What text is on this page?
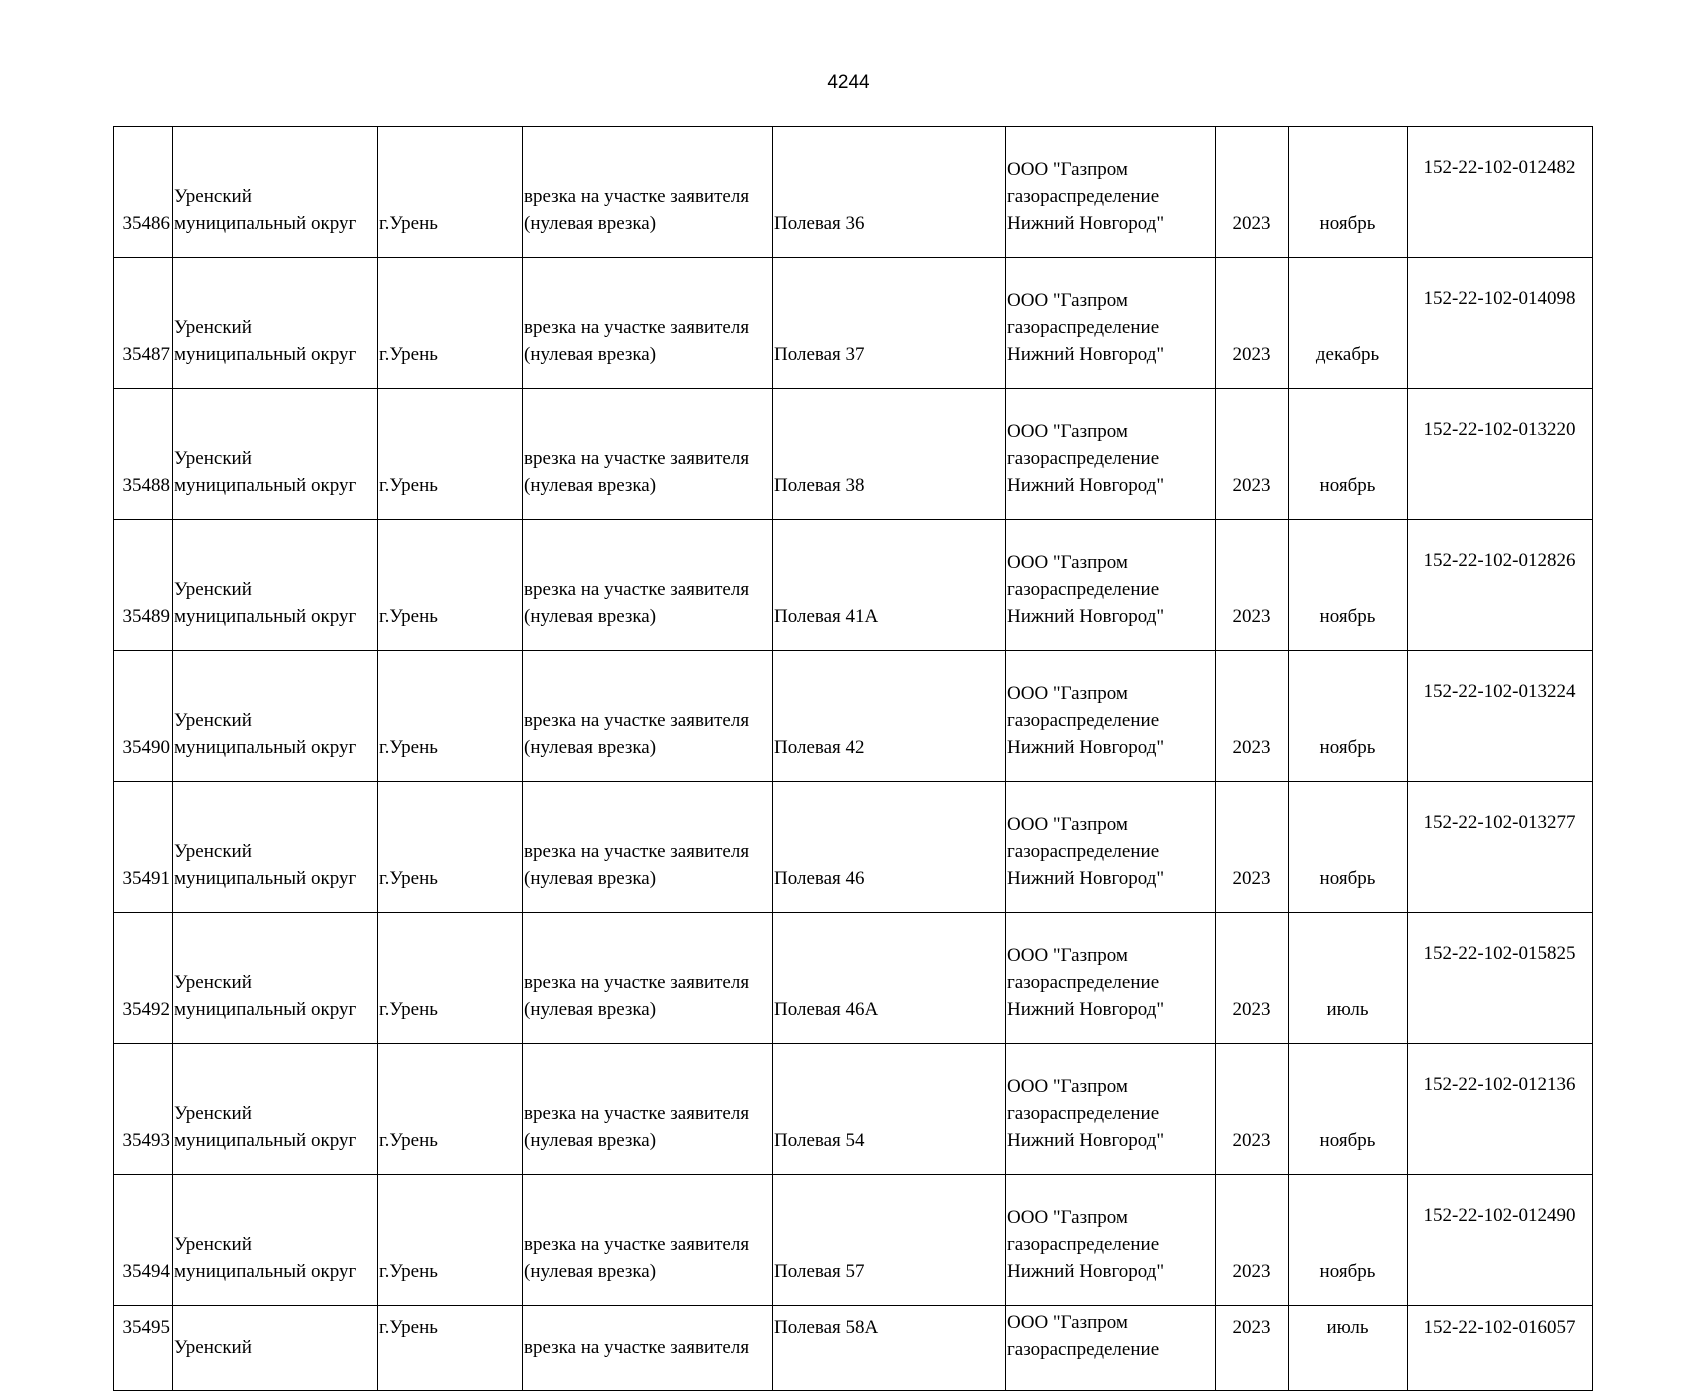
4244
35486	Уренский
муниципальный округ	г.Урень	врезка на участке заявителя
(нулевая врезка)	Полевая 36	ООО "Газпром
газораспределение
Нижний Новгород"	2023	ноябрь	152-22-102-012482
35487	Уренский
муниципальный округ	г.Урень	врезка на участке заявителя
(нулевая врезка)	Полевая 37	ООО "Газпром
газораспределение
Нижний Новгород"	2023	декабрь	152-22-102-014098
35488	Уренский
муниципальный округ	г.Урень	врезка на участке заявителя
(нулевая врезка)	Полевая 38	ООО "Газпром
газораспределение
Нижний Новгород"	2023	ноябрь	152-22-102-013220
35489	Уренский
муниципальный округ	г.Урень	врезка на участке заявителя
(нулевая врезка)	Полевая 41А	ООО "Газпром
газораспределение
Нижний Новгород"	2023	ноябрь	152-22-102-012826
35490	Уренский
муниципальный округ	г.Урень	врезка на участке заявителя
(нулевая врезка)	Полевая 42	ООО "Газпром
газораспределение
Нижний Новгород"	2023	ноябрь	152-22-102-013224
35491	Уренский
муниципальный округ	г.Урень	врезка на участке заявителя
(нулевая врезка)	Полевая 46	ООО "Газпром
газораспределение
Нижний Новгород"	2023	ноябрь	152-22-102-013277
35492	Уренский
муниципальный округ	г.Урень	врезка на участке заявителя
(нулевая врезка)	Полевая 46А	ООО "Газпром
газораспределение
Нижний Новгород"	2023	июль	152-22-102-015825
35493	Уренский
муниципальный округ	г.Урень	врезка на участке заявителя
(нулевая врезка)	Полевая 54	ООО "Газпром
газораспределение
Нижний Новгород"	2023	ноябрь	152-22-102-012136
35494	Уренский
муниципальный округ	г.Урень	врезка на участке заявителя
(нулевая врезка)	Полевая 57	ООО "Газпром
газораспределение
Нижний Новгород"	2023	ноябрь	152-22-102-012490
35495	Уренский	г.Урень	врезка на участке заявителя	Полевая 58А	ООО "Газпром
газораспределение	2023	июль	152-22-102-016057
